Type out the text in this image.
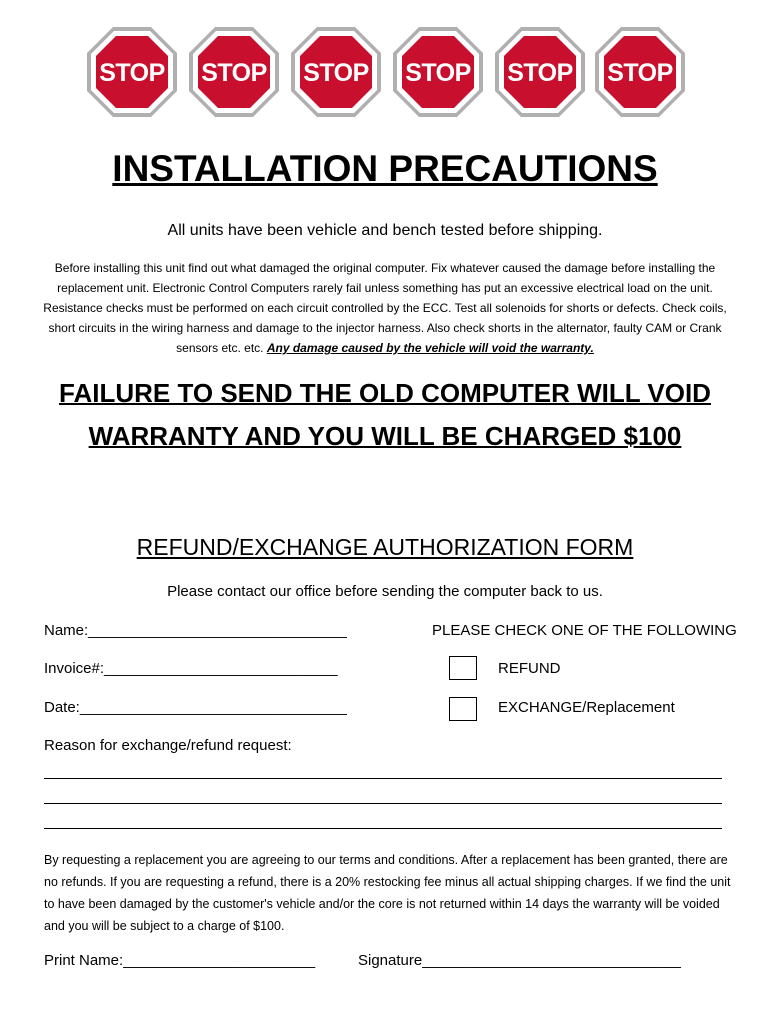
STOP STOP STOP STOP STOP STOP
INSTALLATION PRECAUTIONS
All units have been vehicle and bench tested before shipping.
Before installing this unit find out what damaged the original computer. Fix whatever caused the damage before installing the replacement unit. Electronic Control Computers rarely fail unless something has put an excessive electrical load on the unit. Resistance checks must be performed on each circuit controlled by the ECC. Test all solenoids for shorts or defects. Check coils, short circuits in the wiring harness and damage to the injector harness. Also check shorts in the alternator, faulty CAM or Crank sensors etc. etc. Any damage caused by the vehicle will void the warranty.
FAILURE TO SEND THE OLD COMPUTER WILL VOID
WARRANTY AND YOU WILL BE CHARGED $100
REFUND/EXCHANGE AUTHORIZATION FORM
Please contact our office before sending the computer back to us.
Name:_______________________________
Invoice#:____________________________
Date:________________________________
PLEASE CHECK ONE OF THE FOLLOWING
REFUND
EXCHANGE/Replacement
Reason for exchange/refund request:
By requesting a replacement you are agreeing to our terms and conditions. After a replacement has been granted, there are no refunds. If you are requesting a refund, there is a 20% restocking fee minus all actual shipping charges. If we find the unit to have been damaged by the customer's vehicle and/or the core is not returned within 14 days the warranty will be voided and you will be subject to a charge of $100.
Print Name:_______________________	Signature_______________________________
